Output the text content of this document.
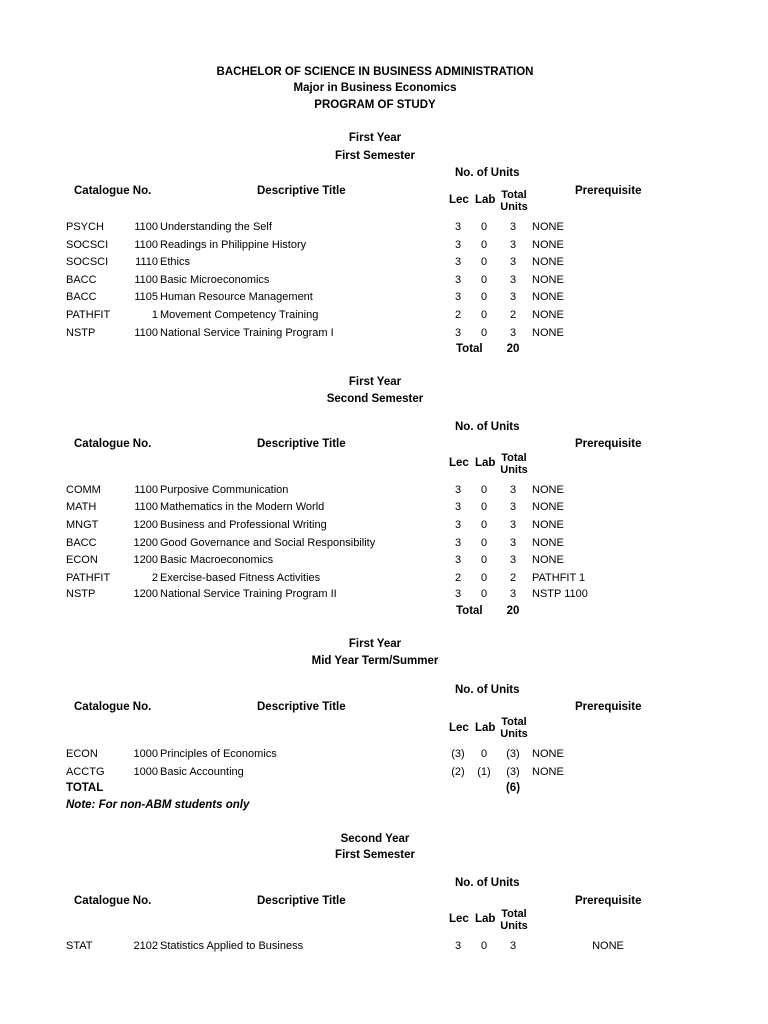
BACHELOR OF SCIENCE IN BUSINESS ADMINISTRATION
Major in Business Economics
PROGRAM OF STUDY
First Year
First Semester
No. of Units
Catalogue No.	Descriptive Title	Prerequisite
Lec Lab Total
Units
PSYCH	1100 Understanding the Self	3	0	3	NONE
SOCSCI	1100 Readings in Philippine History	3	0	3	NONE
SOCSCI	1110 Ethics	3	0	3	NONE
BACC	1100 Basic Microeconomics	3	0	3	NONE
BACC	1105 Human Resource Management	3	0	3	NONE
PATHFIT	1 Movement Competency Training	2	0	2	NONE
NSTP	1100 National Service Training Program I	3	0	3	NONE
Total	20
First Year
Second Semester
No. of Units
Catalogue No.	Descriptive Title	Prerequisite
Lec Lab Total
Units
COMM	1100 Purposive Communication	3	0	3	NONE
MATH	1100 Mathematics in the Modern World	3	0	3	NONE
MNGT	1200 Business and Professional Writing	3	0	3	NONE
BACC	1200 Good Governance and Social Responsibility	3	0	3	NONE
ECON	1200 Basic Macroeconomics	3	0	3	NONE
PATHFIT	2 Exercise-based Fitness Activities	2	0	2	PATHFIT 1
NSTP	1200 National Service Training Program II	3	0	3	NSTP 1100
Total	20
First Year
Mid Year Term/Summer
No. of Units
Catalogue No.	Descriptive Title	Prerequisite
Lec Lab Total
Units
ECON	1000 Principles of Economics	(3)	0	(3)	NONE
ACCTG	1000 Basic Accounting	(2) (1)	(3)	NONE
TOTAL	(6)
Note: For non-ABM students only
Second Year
First Semester
No. of Units
Catalogue No.	Descriptive Title	Prerequisite
Lec Lab Total
Units
STAT	2102 Statistics Applied to Business	3	0	3	NONE
